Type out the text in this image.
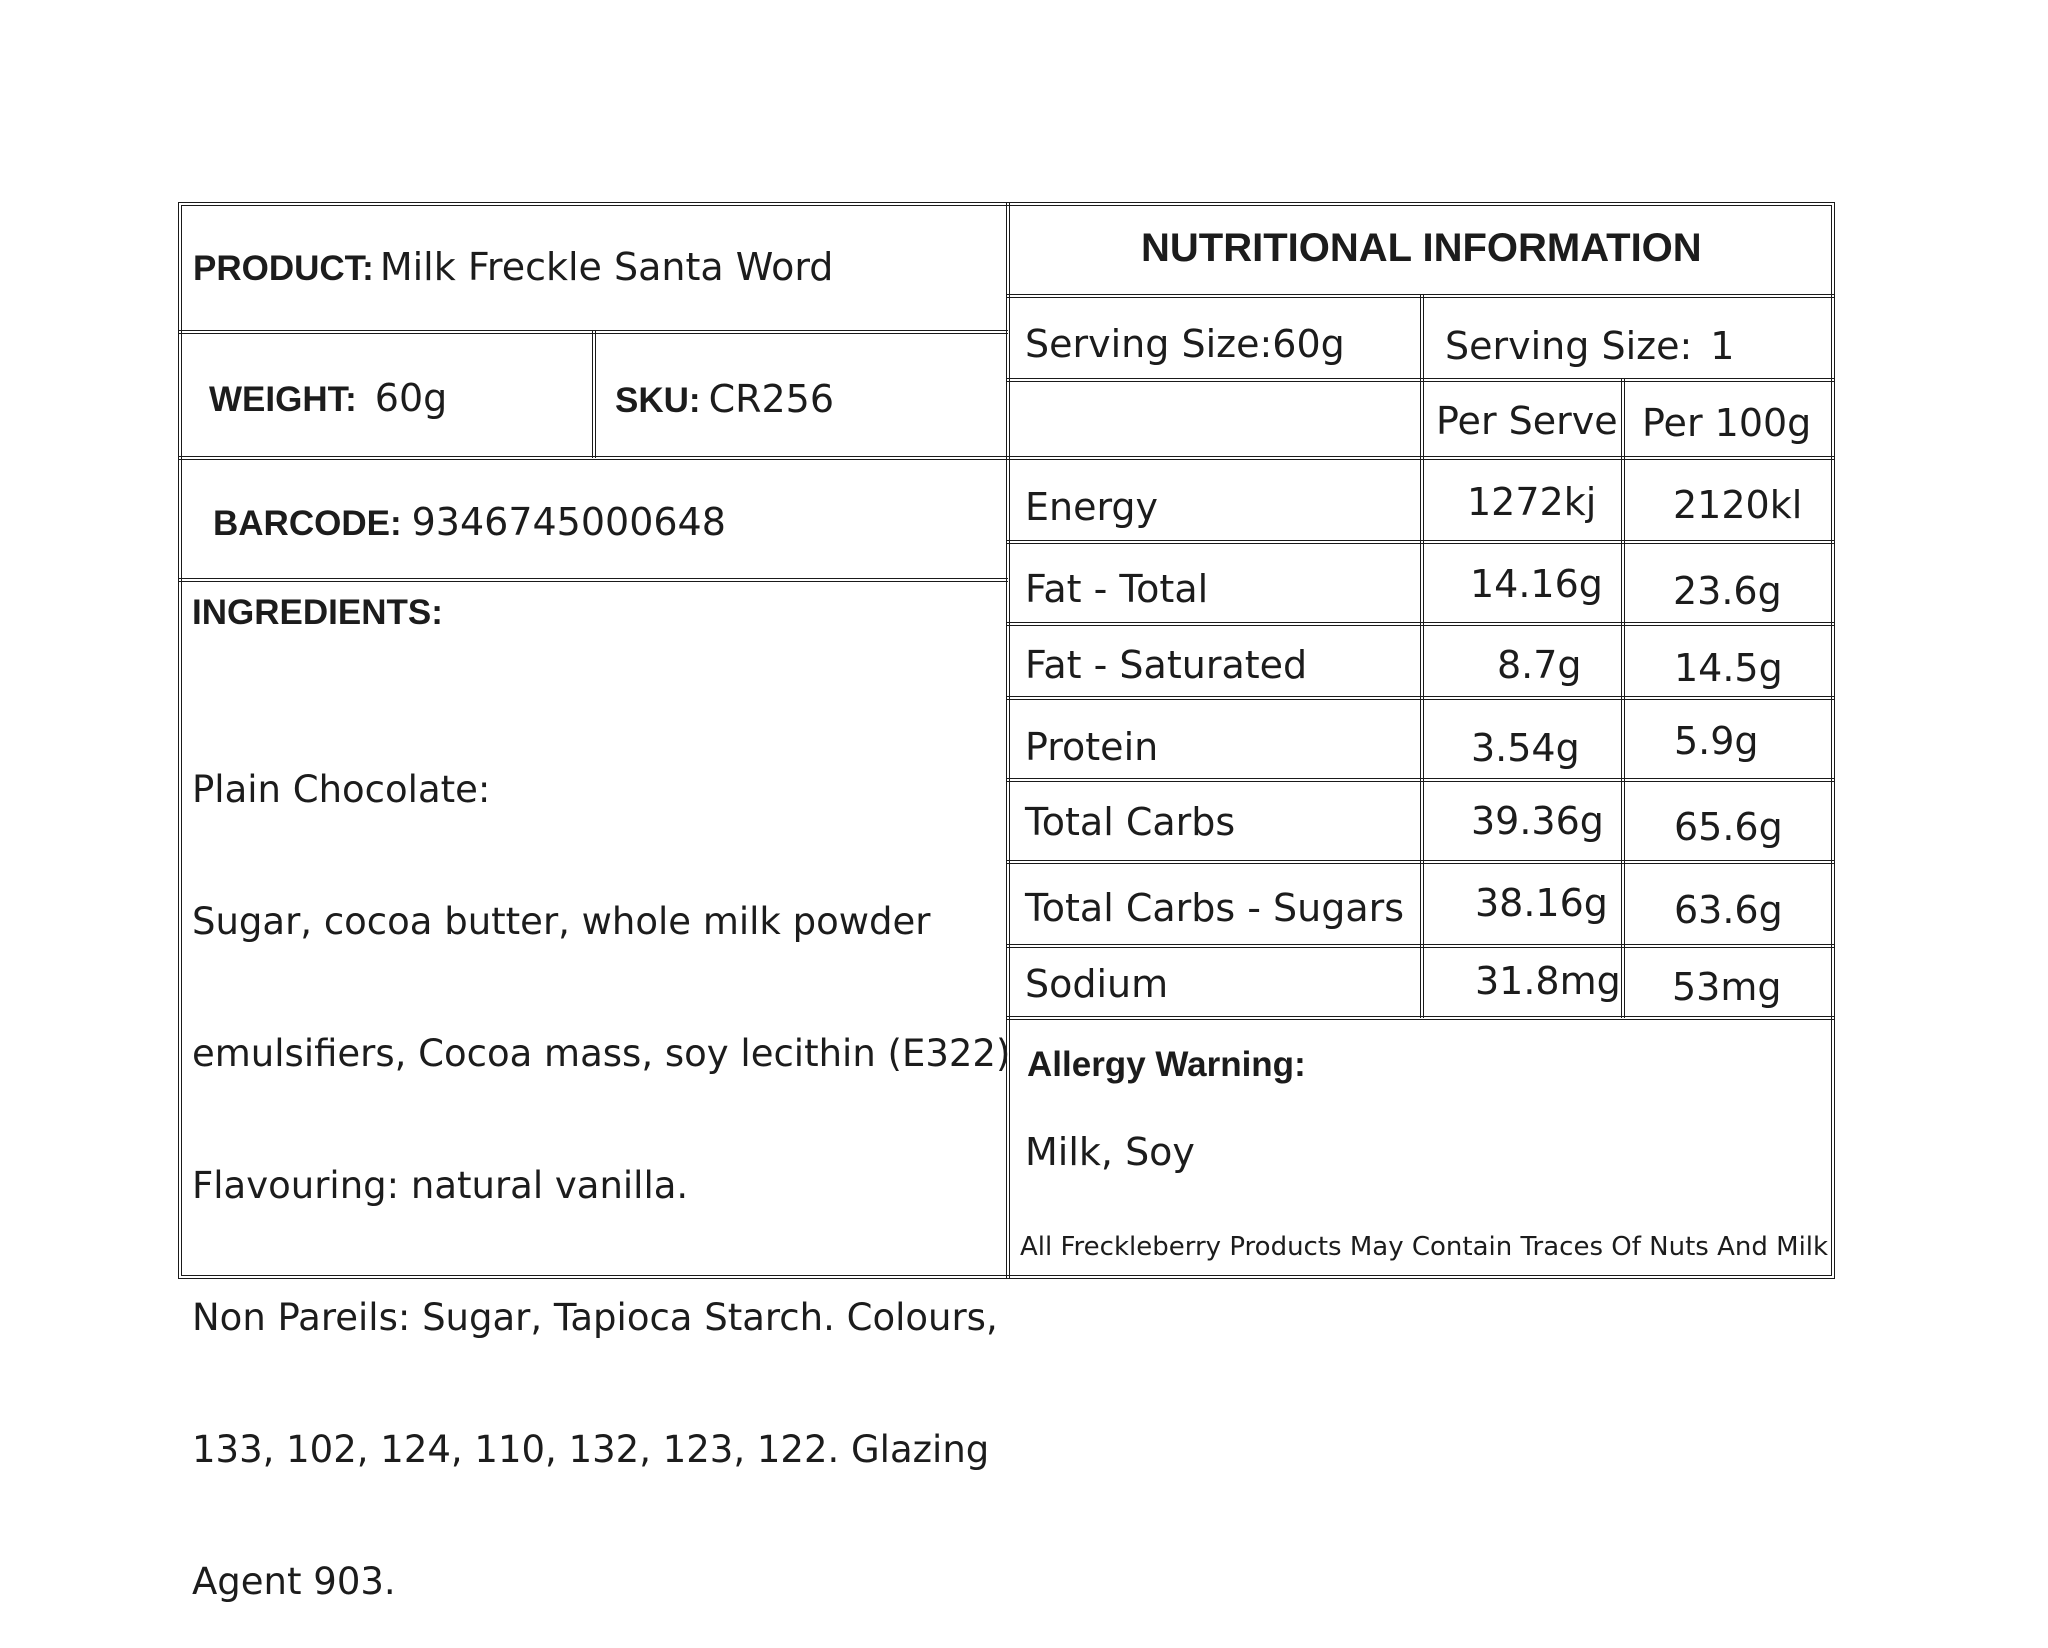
PRODUCT: Milk Freckle Santa Word
WEIGHT: 60g	SKU: CR256
BARCODE: 9346745000648
INGREDIENTS:

Plain Chocolate:

Sugar, cocoa butter, whole milk powder

emulsifiers, Cocoa mass, soy lecithin (E322)

Flavouring: natural vanilla.

Non Pareils: Sugar, Tapioca Starch. Colours,

133, 102, 124, 110, 132, 123, 122. Glazing

Agent 903.

NUTRITIONAL INFORMATION
Serving Size:60g	Serving Size: 1
Per Serve Per 100g
Energy	1272kj 2120kl
Fat - Total	14.16g 23.6g
Fat - Saturated	8.7g 14.5g
Protein	3.54g 5.9g
Total Carbs	39.36g 65.6g
Total Carbs - Sugars 38.16g 63.6g
Sodium	31.8mg 53mg
Allergy Warning:
Milk, Soy
All Freckleberry Products May Contain Traces Of Nuts And Milk
